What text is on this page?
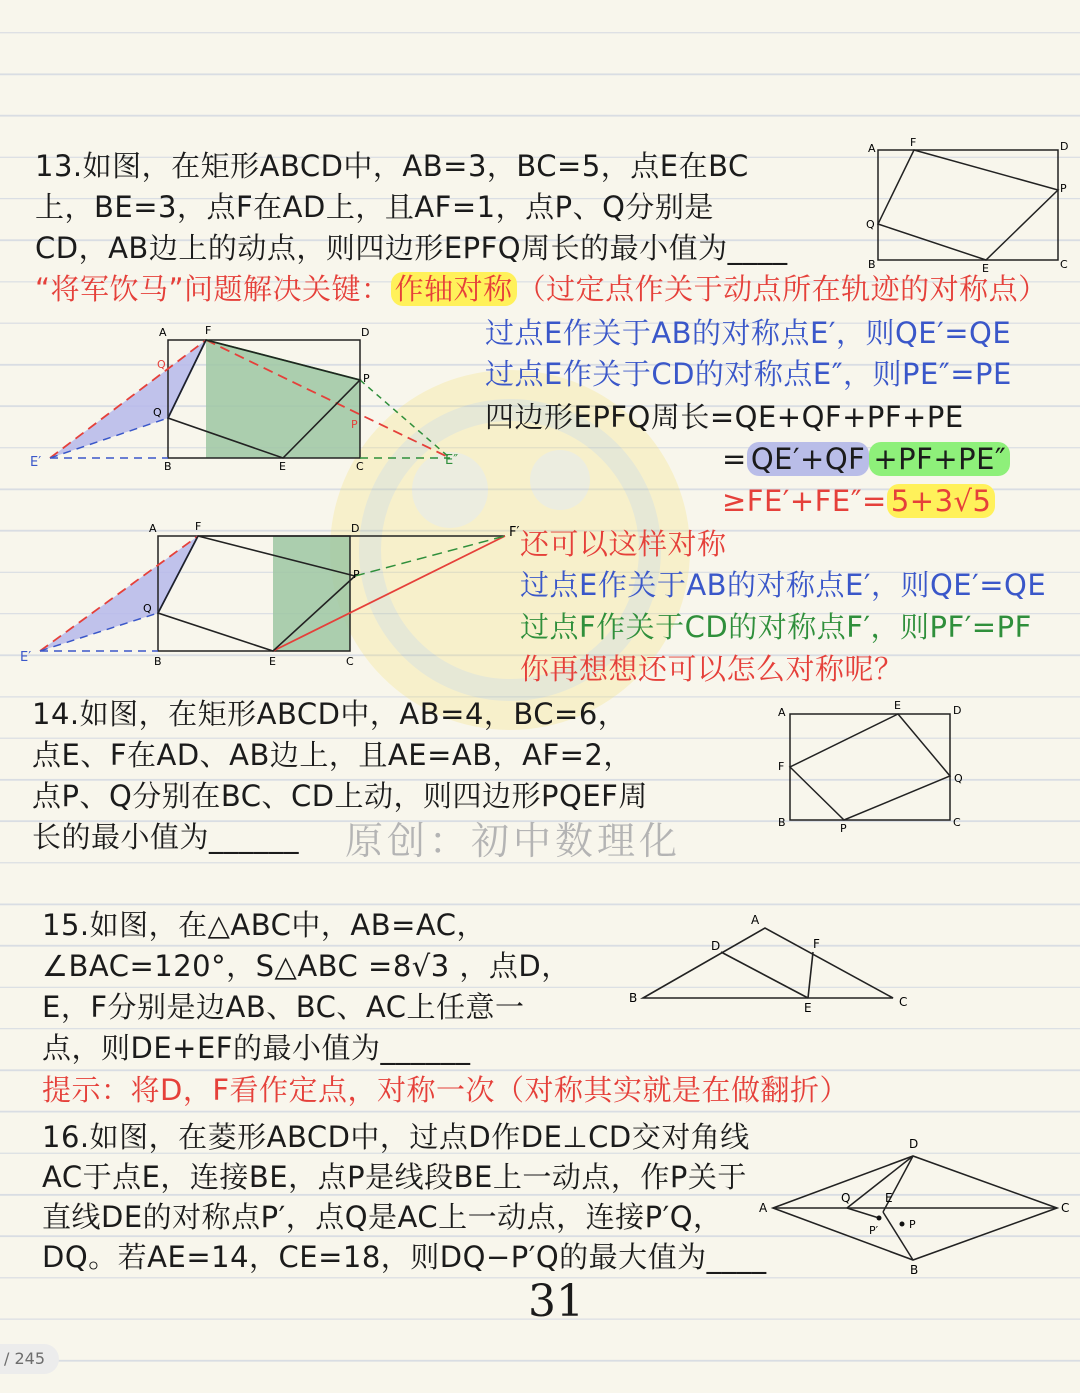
13.如图，在矩形ABCD中，AB=3，BC=5，点E在BC
上，BE=3，点F在AD上，且AF=1，点P、Q分别是
CD，AB边上的动点，则四边形EPFQ周长的最小值为____
A	F	D
P
Q
B	E	C
“将军饮马”问题解决关键： 作轴对称 （过定点作关于动点所在轨迹的对称点）
A	F	D
Q
Q
P
P
E′	E″
B	E	C
过点E作关于AB的对称点E′，则QE′=QE
过点E作关于CD的对称点E″，则PE″=PE
四边形EPFQ周长=QE+QF+PF+PE
= QE′+QF +PF+PE″
≥FE′+FE″= 5+3√5
A	F	D	F′
Q
P
E′	B	E	C
还可以这样对称
过点E作关于AB的对称点E′，则QE′=QE
过点F作关于CD的对称点F′，则PF′=PF
你再想想还可以怎么对称呢？
14.如图，在矩形ABCD中，AB=4，BC=6，
点E、F在AD、AB边上，且AE=AB，AF=2，
点P、Q分别在BC、CD上动，则四边形PQEF周
长的最小值为______ 原创：初中数理化
A
E	D
F
Q
B	P	C
15.如图，在△ABC中，AB=AC，
∠BAC=120°，S△ABC =8√3 ，点D，
E，F分别是边AB、BC、AC上任意一
点，则DE+EF的最小值为______
A
D	F
B
E	C
提示：将D，F看作定点，对称一次（对称其实就是在做翻折）
16.如图，在菱形ABCD中，过点D作DE⊥CD交对角线
AC于点E，连接BE，点P是线段BE上一动点，作P关于
直线DE的对称点P′，点Q是AC上一动点，连接P′Q，
DQ。若AE=14，CE=18，则DQ−P′Q的最大值为____
D
A
Q	E
C
P′	P
B
31
/ 245
